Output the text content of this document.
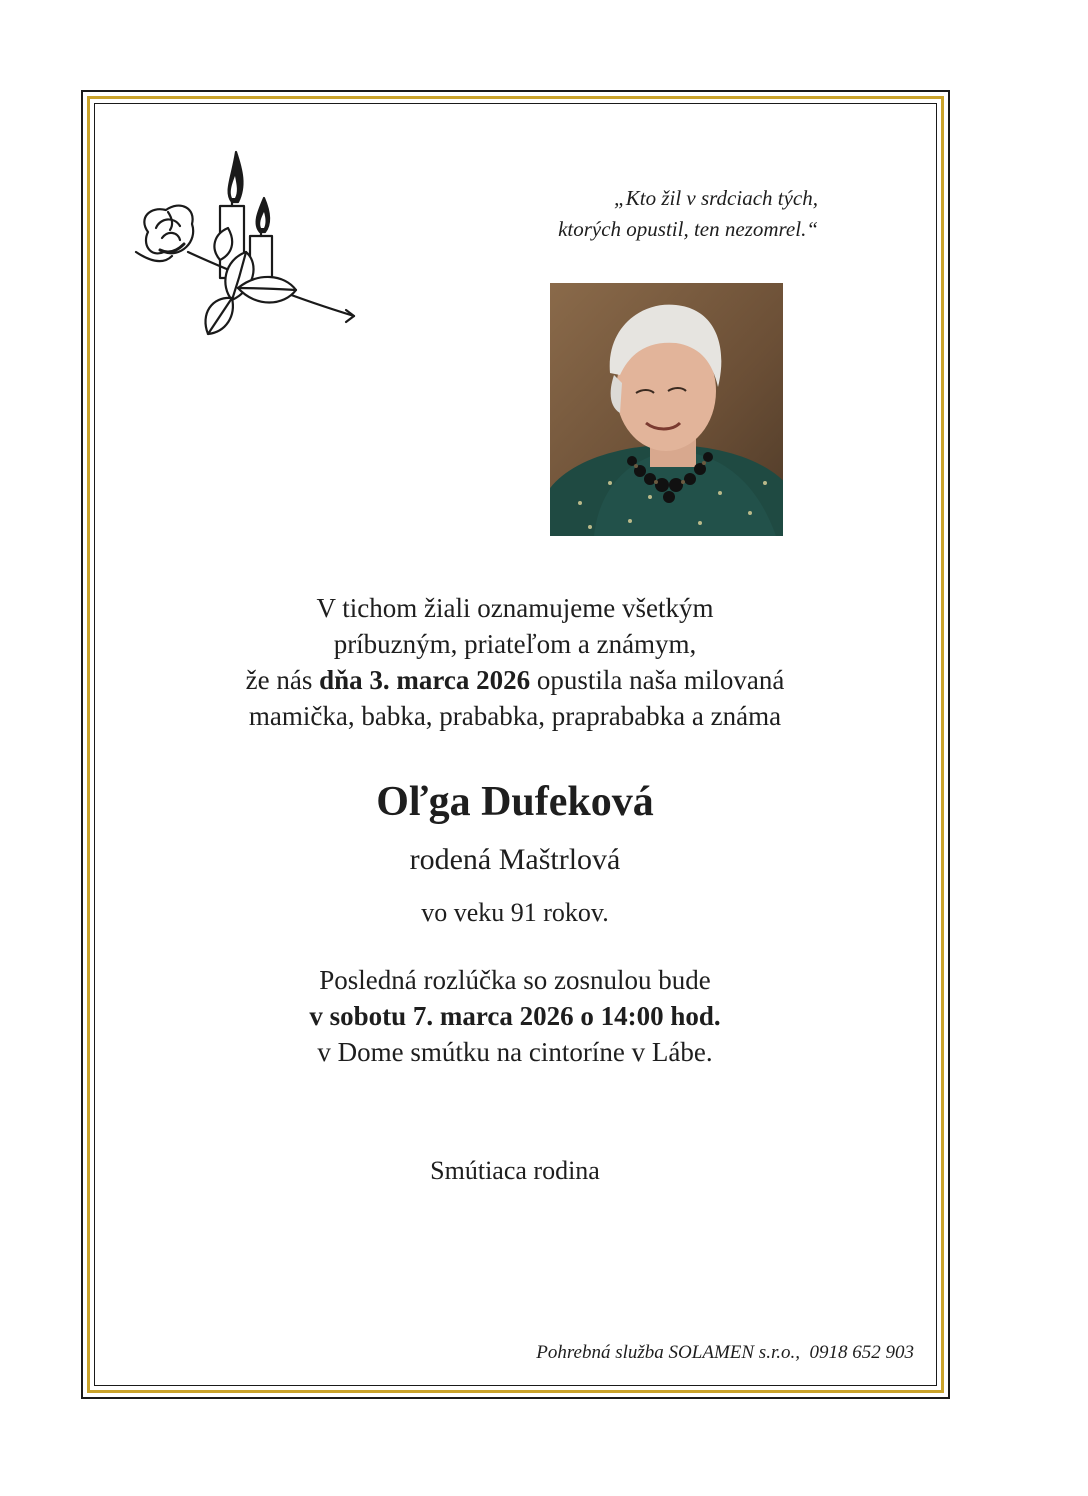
„Kto žil v srdciach tých,
ktorých opustil, ten nezomrel.“
V tichom žiali oznamujeme všetkým
príbuzným, priateľom a známym,
že nás dňa 3. marca 2026 opustila naša milovaná
mamička, babka, prababka, praprababka a známa
Oľga Dufeková
rodená Maštrlová
vo veku 91 rokov.
Posledná rozlúčka so zosnulou bude
v sobotu 7. marca 2026 o 14:00 hod.
v Dome smútku na cintoríne v Lábe.
Smútiaca rodina
Pohrebná služba SOLAMEN s.r.o., 0918 652 903
